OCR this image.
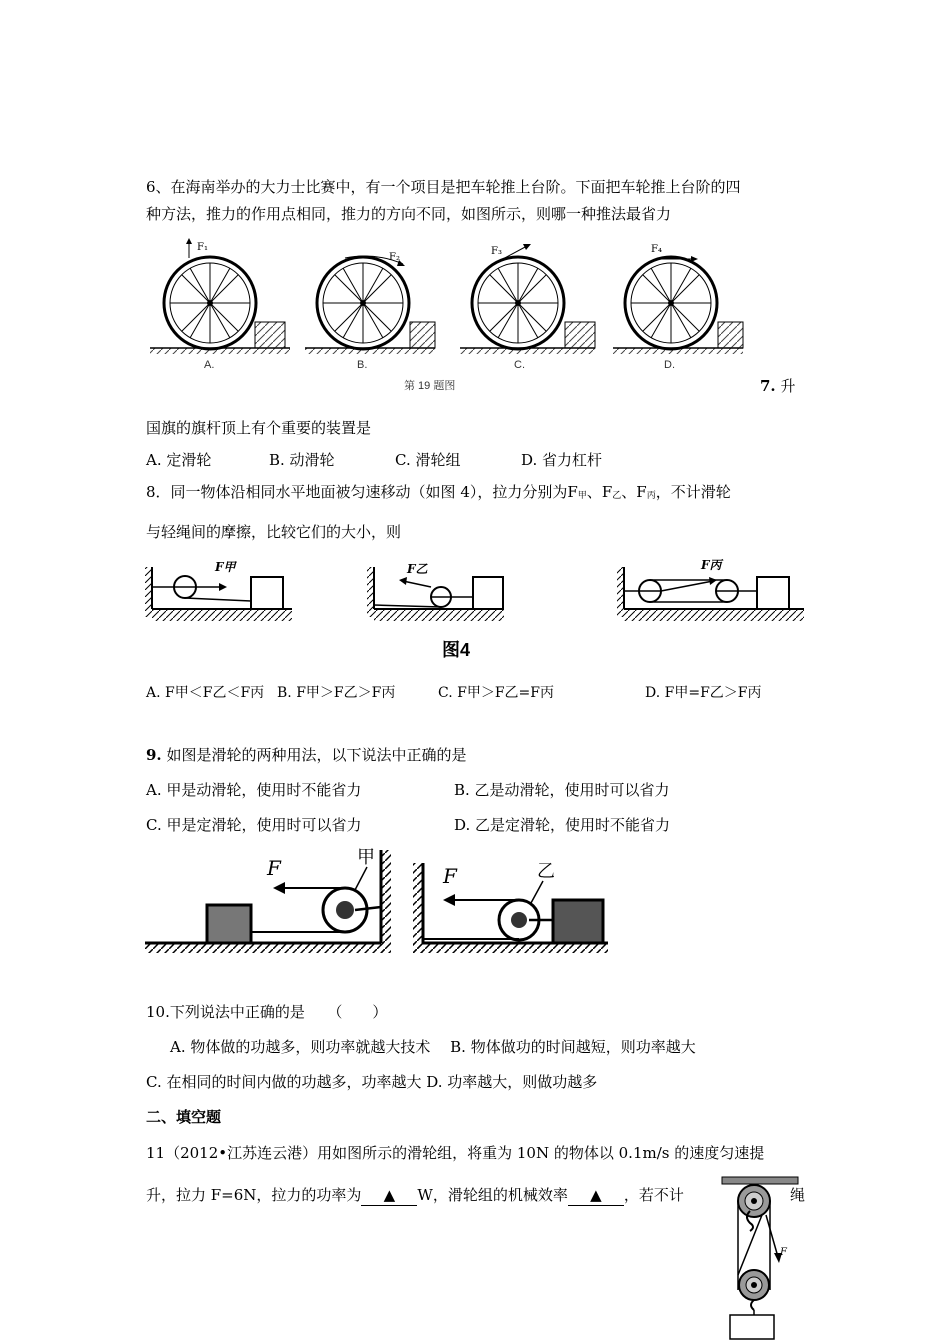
6、在海南举办的大力士比赛中，有一个项目是把车轮推上台阶。下面把车轮推上台阶的四
种方法，推力的作用点相同，推力的方向不同，如图所示，则哪一种推法最省力
F₁
F₂
F₃	F₄
A.	B.	C.	D.
第 19 题图	7. 升
国旗的旗杆顶上有个重要的装置是
A. 定滑轮	B. 动滑轮	C. 滑轮组	D. 省力杠杆
8．同一物体沿相同水平地面被匀速移动（如图 4），拉力分别为F甲、F乙、F丙，不计滑轮
与轻绳间的摩擦，比较它们的大小，则
F甲	F乙	F丙
图4
A. F甲＜F乙＜F丙 B. F甲＞F乙＞F丙	C. F甲＞F乙=F丙	D. F甲=F乙＞F丙
9. 如图是滑轮的两种用法，以下说法中正确的是
A. 甲是动滑轮，使用时不能省力	B. 乙是动滑轮，使用时可以省力
C. 甲是定滑轮，使用时可以省力	D. 乙是定滑轮，使用时不能省力
F	甲
F	乙
10.下列说法中正确的是　　（　　）
A. 物体做的功越多，则功率就越大技术　 B. 物体做功的时间越短，则功率越大
C. 在相同的时间内做的功越多，功率越大 D. 功率越大，则做功越多
二、填空题
11（2012•江苏连云港）用如图所示的滑轮组，将重为 10N 的物体以 0.1m/s 的速度匀速提
升，拉力 F=6N，拉力的功率为 ▲ W，滑轮组的机械效率 ▲ ，若不计	绳
F
